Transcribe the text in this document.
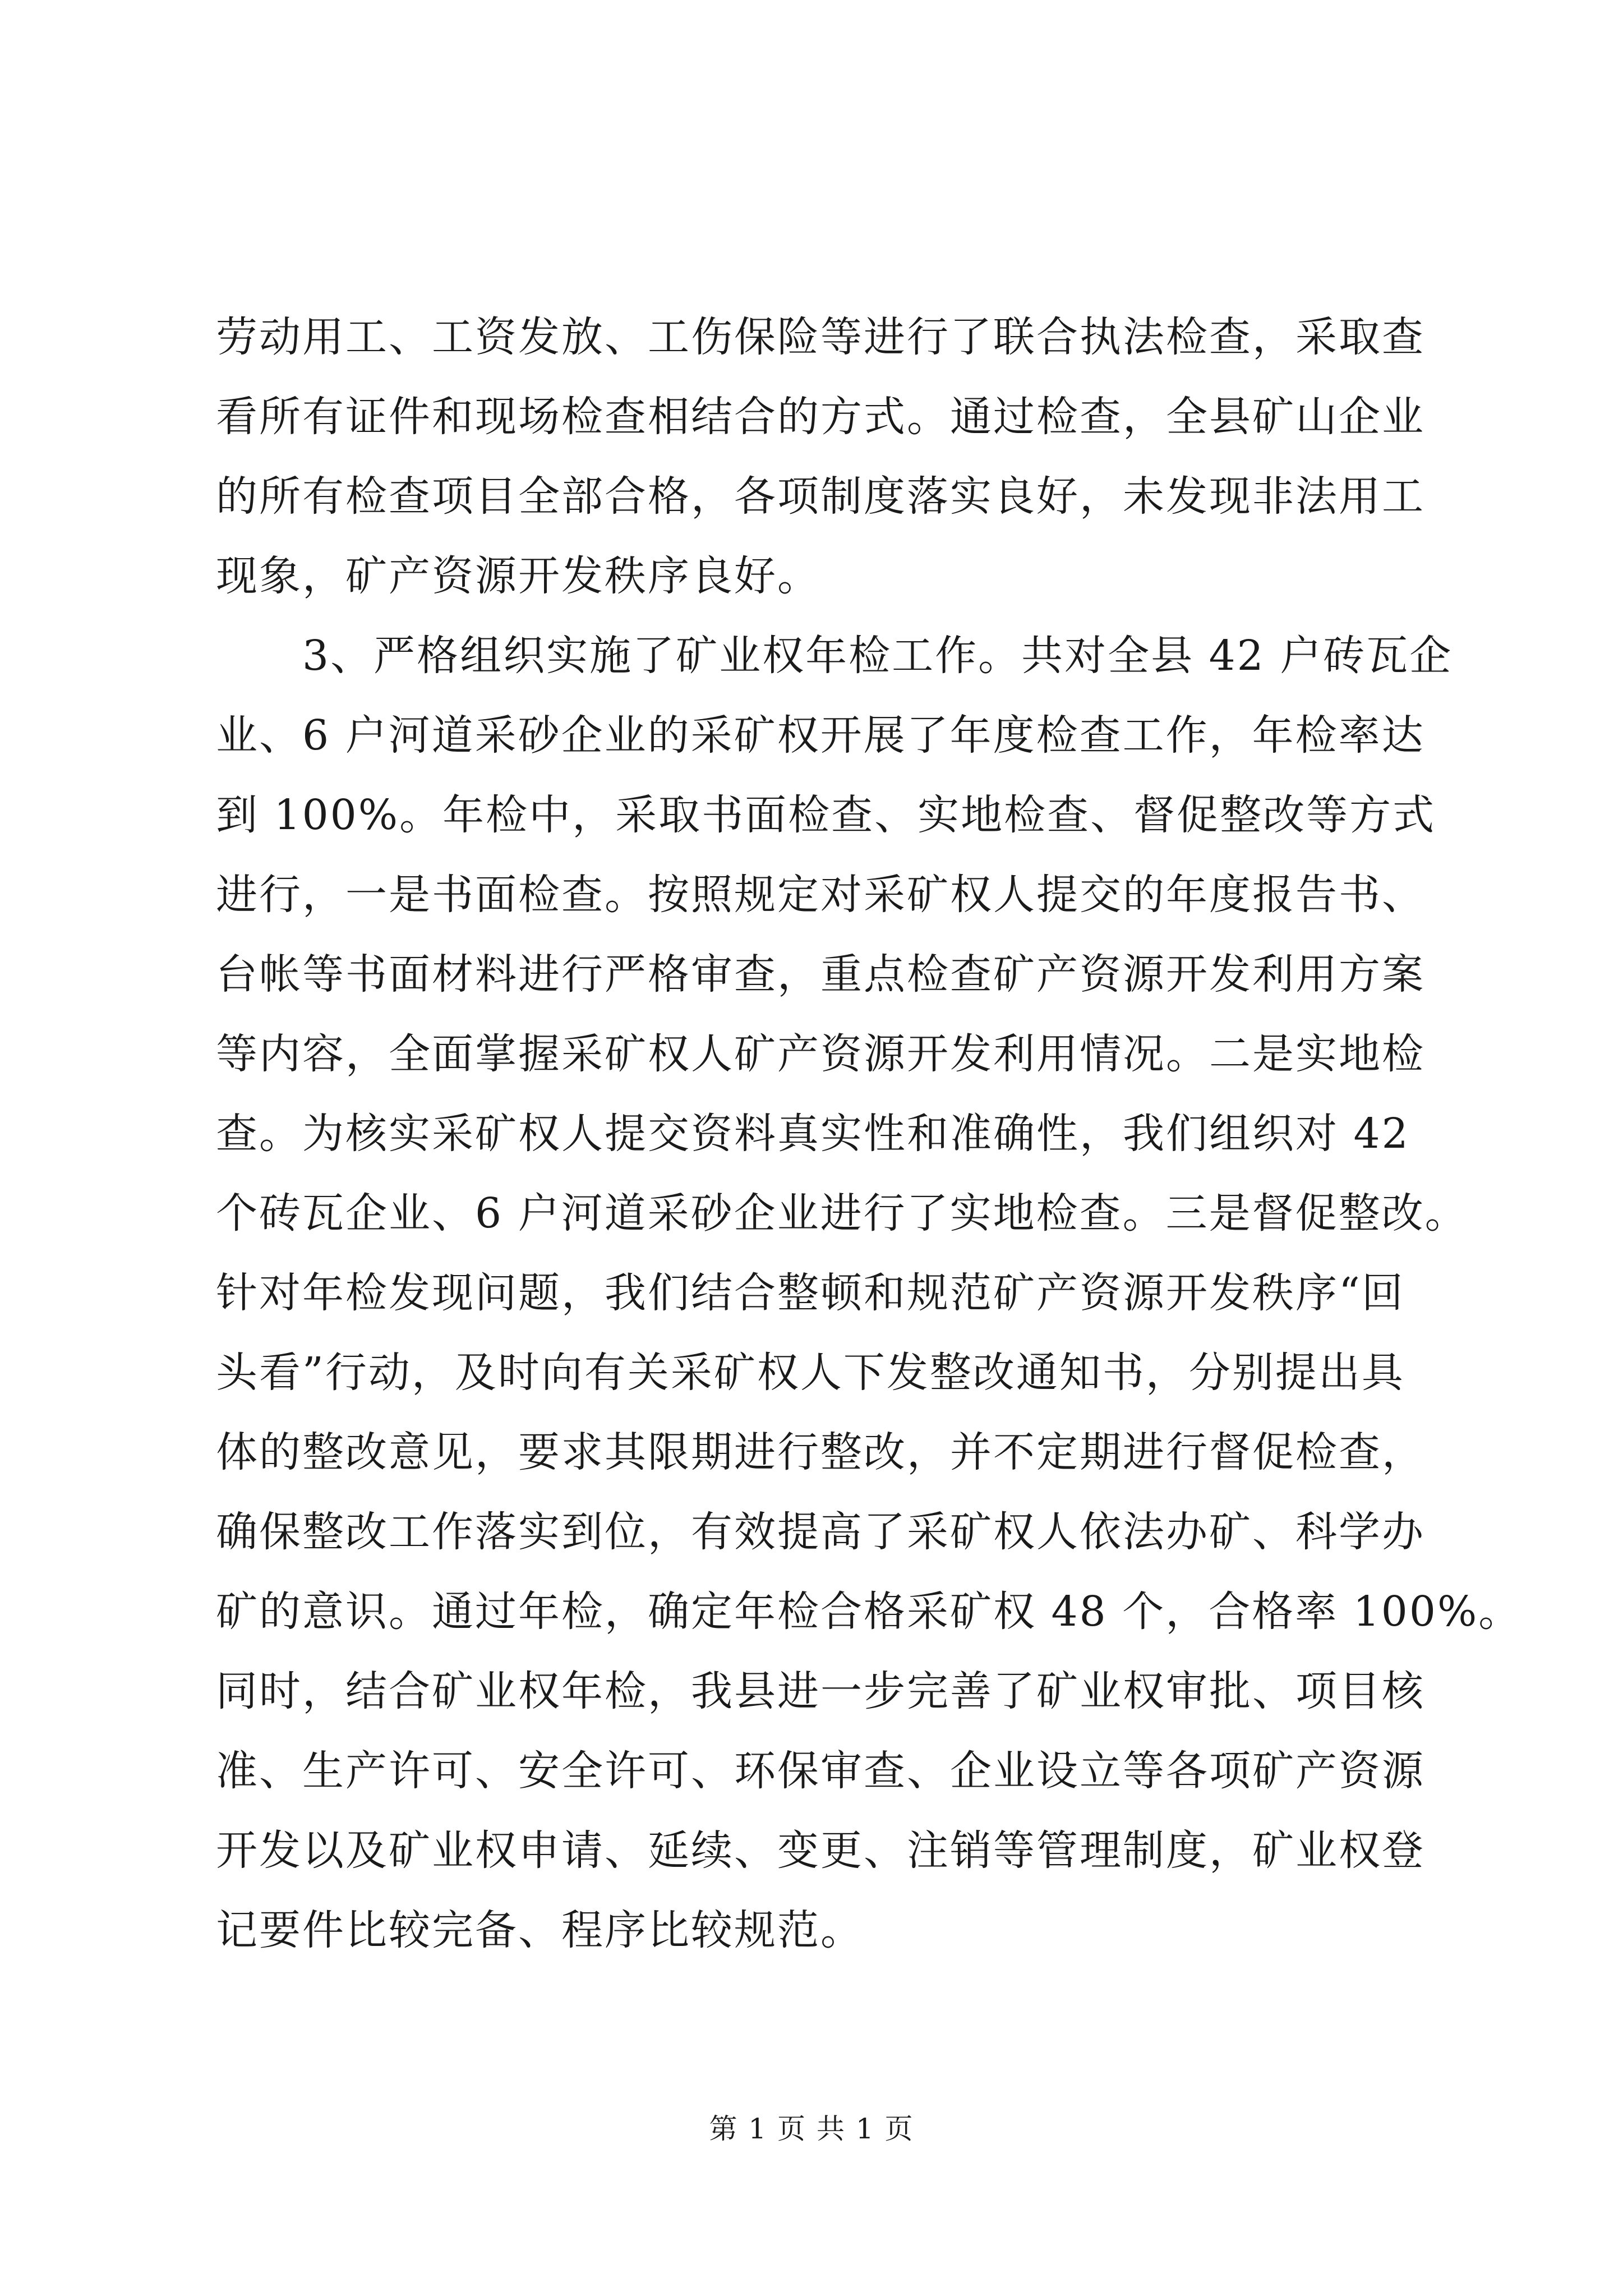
劳动用工、工资发放、工伤保险等进行了联合执法检查，采取查
看所有证件和现场检查相结合的方式。通过检查，全县矿山企业
的所有检查项目全部合格，各项制度落实良好，未发现非法用工
现象，矿产资源开发秩序良好。
　　3、严格组织实施了矿业权年检工作。共对全县 42 户砖瓦企
业、6 户河道采砂企业的采矿权开展了年度检查工作，年检率达
到 100%。年检中，采取书面检查、实地检查、督促整改等方式
进行，一是书面检查。按照规定对采矿权人提交的年度报告书、
台帐等书面材料进行严格审查，重点检查矿产资源开发利用方案
等内容，全面掌握采矿权人矿产资源开发利用情况。二是实地检
查。为核实采矿权人提交资料真实性和准确性，我们组织对 42
个砖瓦企业、6 户河道采砂企业进行了实地检查。三是督促整改。
针对年检发现问题，我们结合整顿和规范矿产资源开发秩序“回
头看”行动，及时向有关采矿权人下发整改通知书，分别提出具
体的整改意见，要求其限期进行整改，并不定期进行督促检查，
确保整改工作落实到位，有效提高了采矿权人依法办矿、科学办
矿的意识。通过年检，确定年检合格采矿权 48 个，合格率 100%。
同时，结合矿业权年检，我县进一步完善了矿业权审批、项目核
准、生产许可、安全许可、环保审查、企业设立等各项矿产资源
开发以及矿业权申请、延续、变更、注销等管理制度，矿业权登
记要件比较完备、程序比较规范。
第 1 页 共 1 页
